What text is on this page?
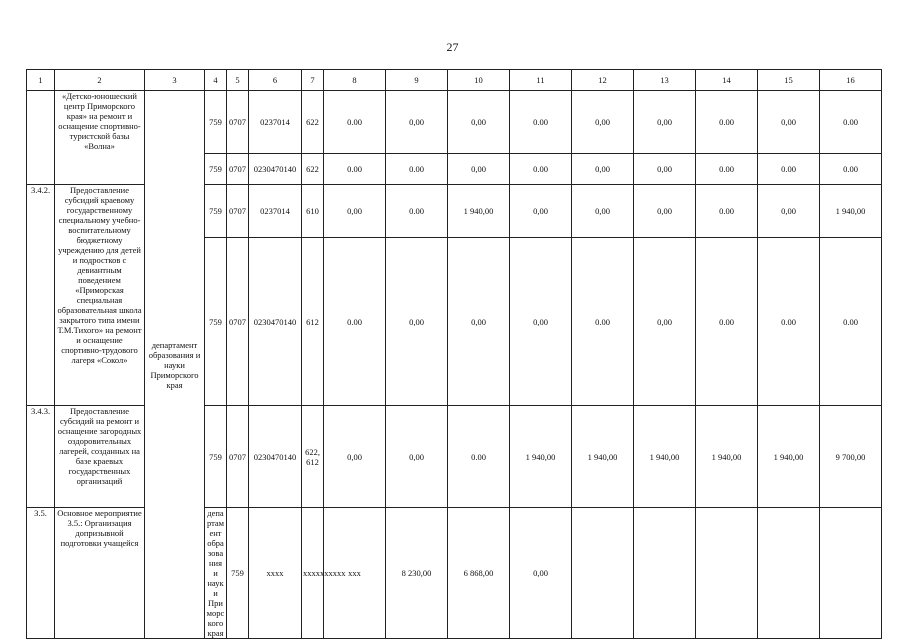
27
1	2	3	4	5	6	7	8	9	10	11	12	13	14	15	16	
	«Детско-юношеский центр Приморского края» на ремонт и оснащение спортивно-туристской базы «Волна»	департамент образования и науки Приморского края	759	0707	0237014	622	0.00	0,00	0,00	0.00	0,00	0,00	0.00	0,00	0.00	
			759	0707	0230470140	622	0.00	0.00	0,00	0.00	0,00	0,00	0.00	0.00	0.00	
3.4.2.	Предоставление субсидий краевому государственному специальному учебно-воспитательному бюджетному учреждению для детей и подростков с девиантным поведением «Приморская специальная образовательная школа закрытого типа имени Т.М.Тихого» на ремонт и оснащение спортивно-трудового лагеря «Сокол»		759	0707	0237014	610	0,00	0.00	1 940,00	0,00	0,00	0,00	0.00	0,00	1 940,00	
			759	0707	0230470140	612	0.00	0,00	0,00	0,00	0.00	0,00	0.00	0.00	0.00	
3.4.3.	Предоставление субсидий на ремонт и оснащение загородных оздоровительных лагерей, созданных на базе краевых государственных организаций		759	0707	0230470140	622, 612	0,00	0,00	0.00	1 940,00	1 940,00	1 940,00	1 940,00	1 940,00	9 700,00	
3.5.	Основное мероприятие 3.5.: Организация допризывной подготовки учащейся		департамент образования и науки Приморского края	759	хххх	хххххххххх	ххх	8 230,00	6 868,00	0,00						
